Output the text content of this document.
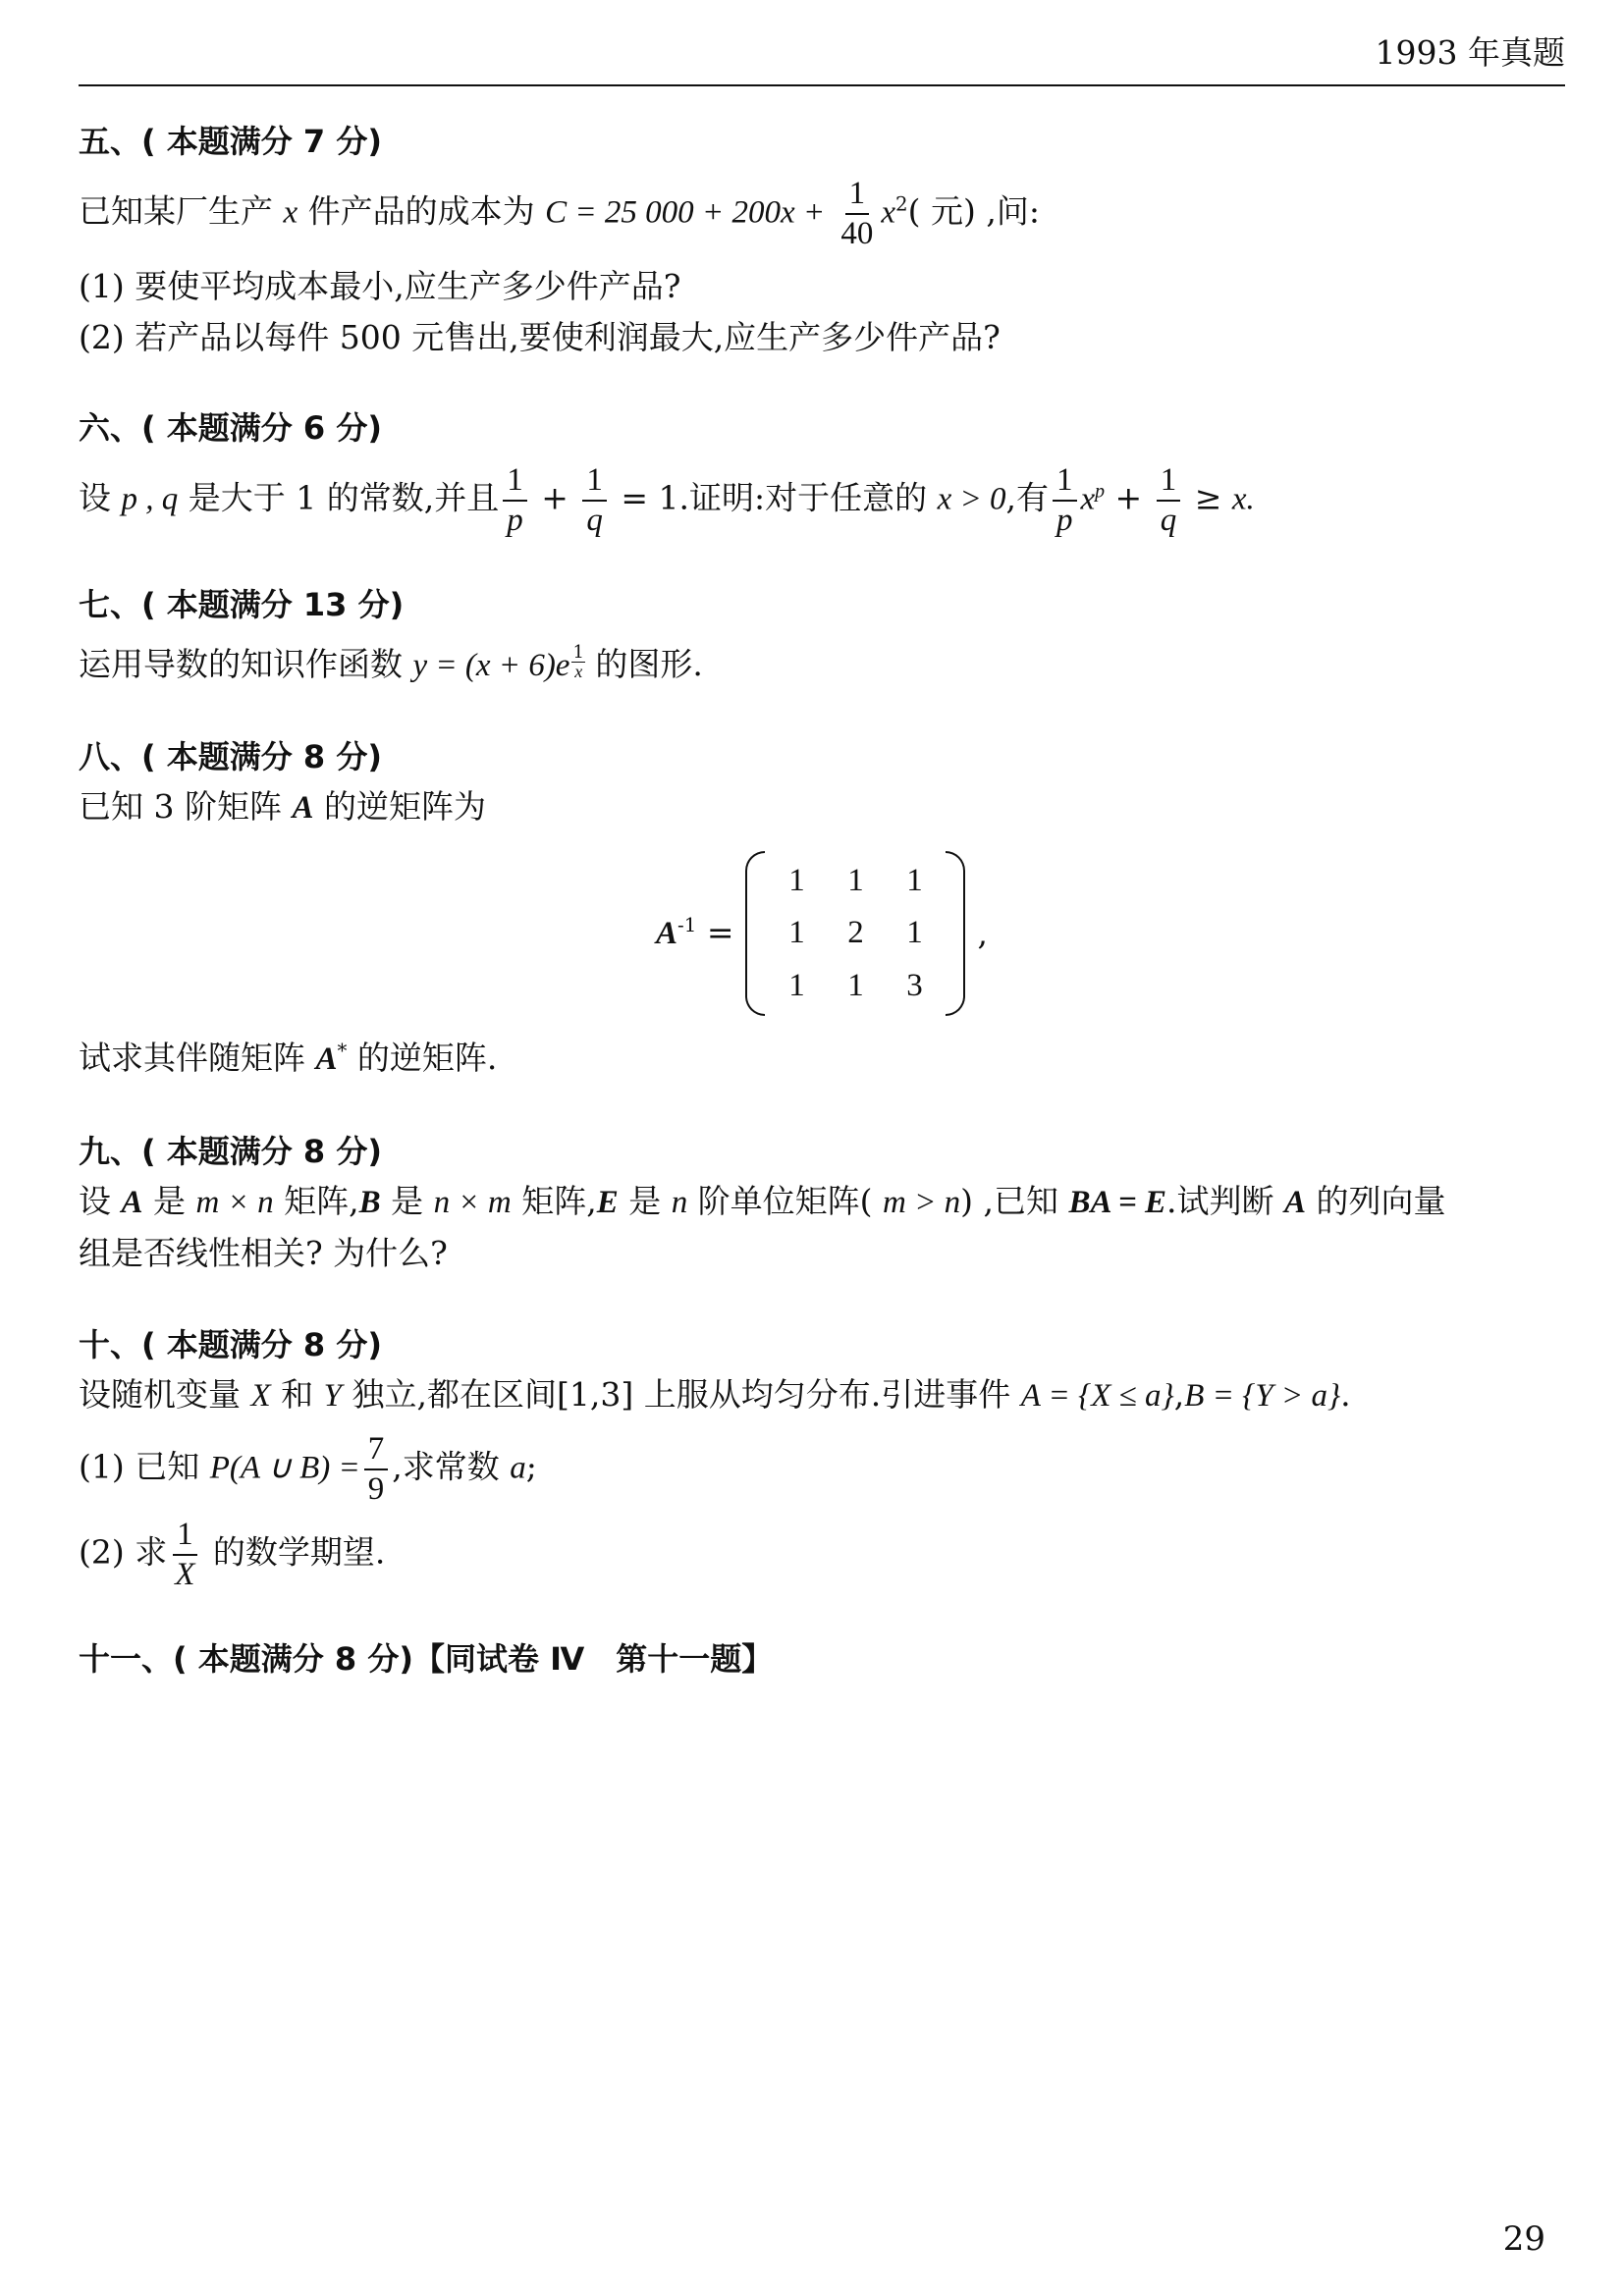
1993 年真题

五、( 本题满分 7 分)

已知某厂生产 x 件产品的成本为 C = 25 $000 + 200x + \frac{1}{40} x^2$( 元) ,问:

(1) 要使平均成本最小,应生产多少件产品?

(2) 若产品以每件 500 元售出,要使利润最大,应生产多少件产品?

六、( 本题满分 6 分)

设 p , q 是大于 1 的常数,并且 $\frac{1}{p} + \frac{1}{q} = 1$.证明:对于任意的 x > 0,有 $\frac{1}{p} x^p + \frac{1}{q} \ge x$.

七、( 本题满分 13 分)

运用导数的知识作函数 $y = (x + 6)e \frac{1}{x}$ 的图形.

八、( 本题满分 8 分)

已知 3 阶矩阵 A 的逆矩阵为

$A^{-1}$ =
1	1	1
1	2	1
1	1	3
,

试求其伴随矩阵 A* 的逆矩阵.

九、( 本题满分 8 分)

设 A 是 m × n 矩阵,B 是 n × m 矩阵,E 是 n 阶单位矩阵( m > n) ,已知 BA = E.试判断 A 的列向量

组是否线性相关? 为什么?

十、( 本题满分 8 分)

设随机变量 X 和 Y 独立,都在区间[1,3] 上服从均匀分布.引进事件 A = {X ≤ a},B = {Y > a}.

(1) 已知 P(A ∪ $B) = \frac{7}{9}$ ,求常数 a;

(2) 求 $\frac{1}{X}$ 的数学期望.

十一、( 本题满分 8 分)【同试卷 Ⅳ　第十一题】

29
